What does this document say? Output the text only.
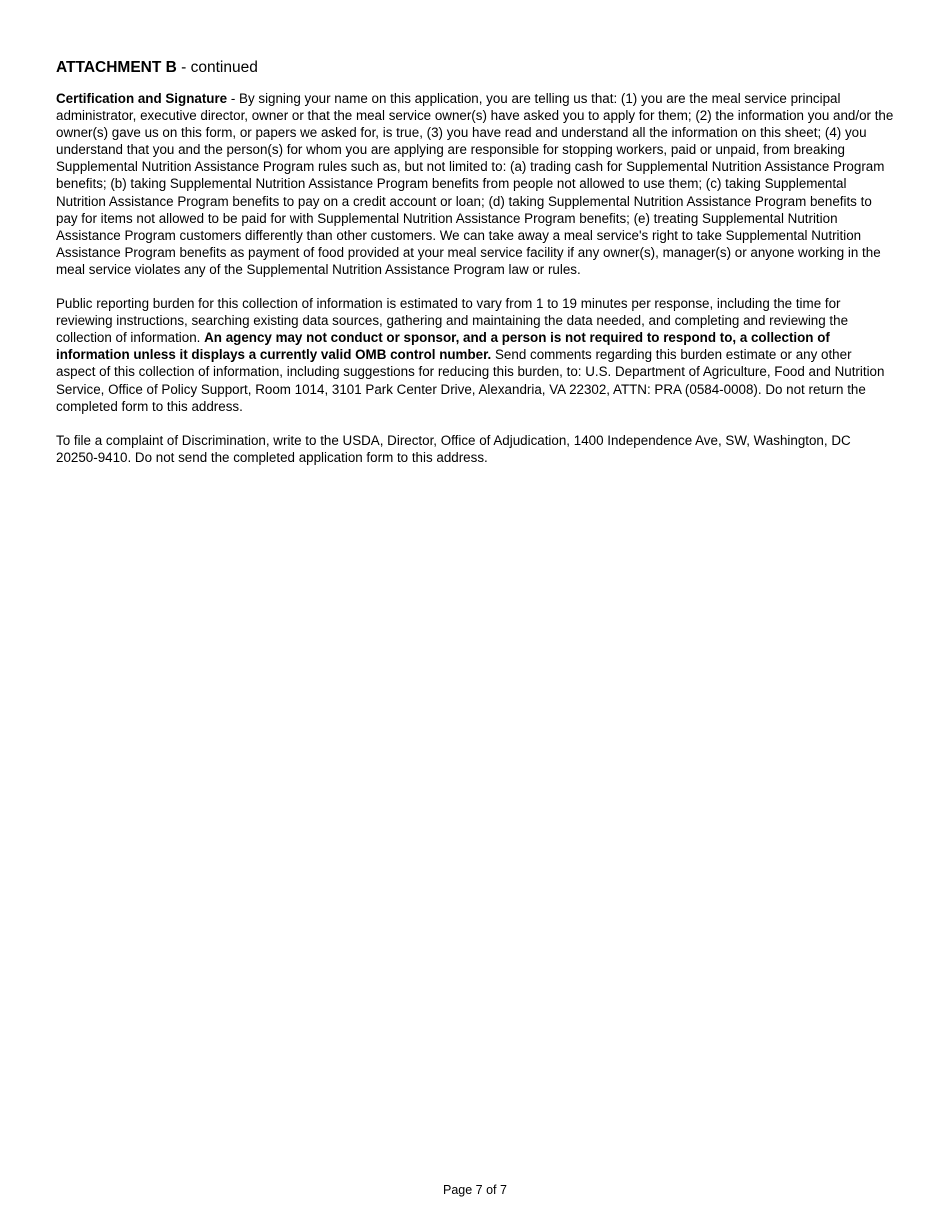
ATTACHMENT B - continued

Certification and Signature - By signing your name on this application, you are telling us that: (1) you are the meal service principal administrator, executive director, owner or that the meal service owner(s) have asked you to apply for them; (2) the information you and/or the owner(s) gave us on this form, or papers we asked for, is true, (3) you have read and understand all the information on this sheet; (4) you understand that you and the person(s) for whom you are applying are responsible for stopping workers, paid or unpaid, from breaking Supplemental Nutrition Assistance Program rules such as, but not limited to: (a) trading cash for Supplemental Nutrition Assistance Program benefits; (b) taking Supplemental Nutrition Assistance Program benefits from people not allowed to use them; (c) taking Supplemental Nutrition Assistance Program benefits to pay on a credit account or loan; (d) taking Supplemental Nutrition Assistance Program benefits to pay for items not allowed to be paid for with Supplemental Nutrition Assistance Program benefits; (e) treating Supplemental Nutrition Assistance Program customers differently than other customers. We can take away a meal service's right to take Supplemental Nutrition Assistance Program benefits as payment of food provided at your meal service facility if any owner(s), manager(s) or anyone working in the meal service violates any of the Supplemental Nutrition Assistance Program law or rules.

Public reporting burden for this collection of information is estimated to vary from 1 to 19 minutes per response, including the time for reviewing instructions, searching existing data sources, gathering and maintaining the data needed, and completing and reviewing the collection of information. An agency may not conduct or sponsor, and a person is not required to respond to, a collection of information unless it displays a currently valid OMB control number. Send comments regarding this burden estimate or any other aspect of this collection of information, including suggestions for reducing this burden, to: U.S. Department of Agriculture, Food and Nutrition Service, Office of Policy Support, Room 1014, 3101 Park Center Drive, Alexandria, VA 22302, ATTN: PRA (0584-0008). Do not return the completed form to this address.

To file a complaint of Discrimination, write to the USDA, Director, Office of Adjudication, 1400 Independence Ave, SW, Washington, DC 20250-9410. Do not send the completed application form to this address.

Page 7 of 7
